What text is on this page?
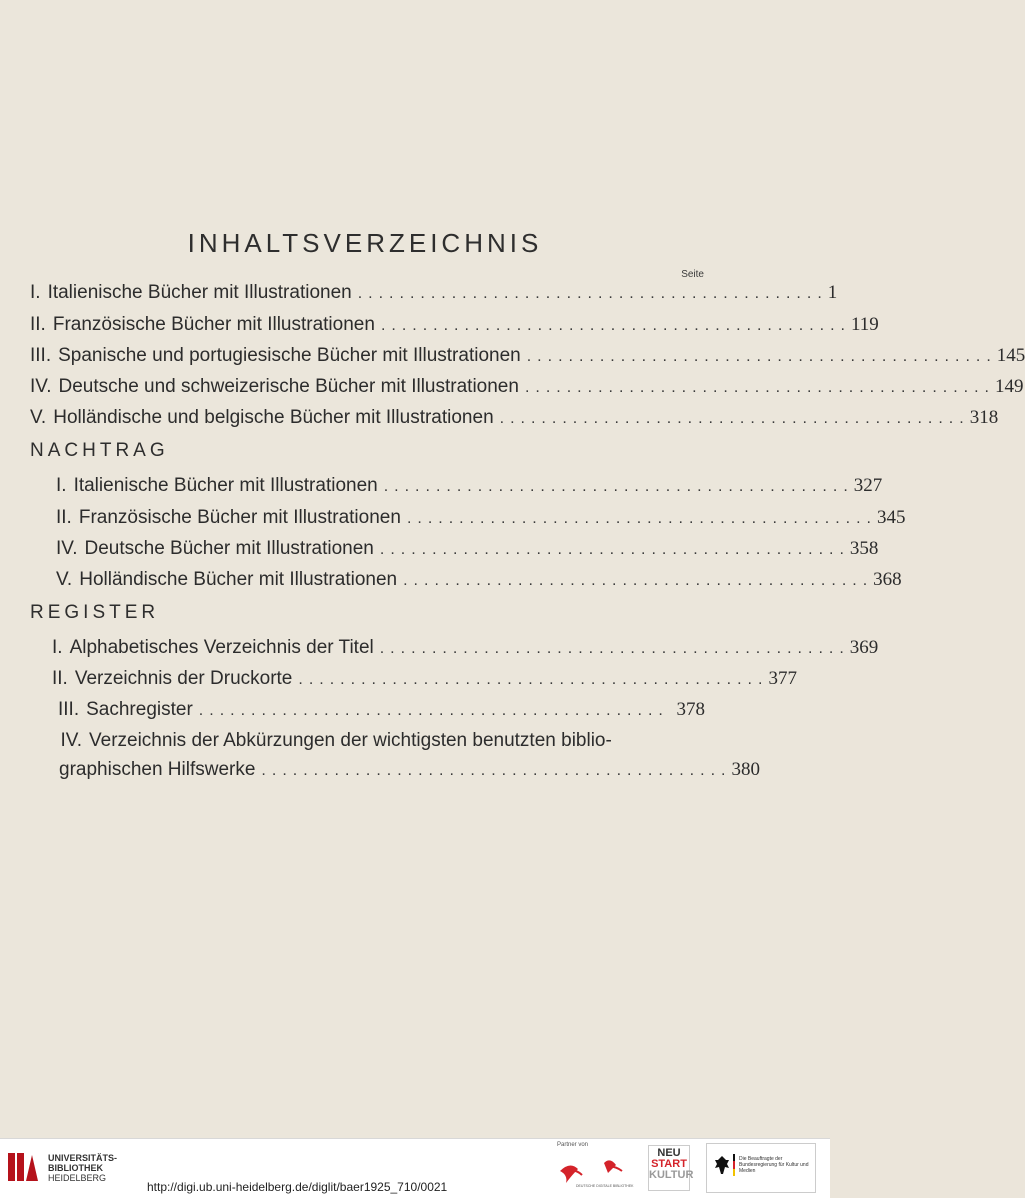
INHALTSVERZEICHNIS
Seite
I. Italienische Bücher mit Illustrationen ............................................. 1
II. Französische Bücher mit Illustrationen ............................................. 119
III. Spanische und portugiesische Bücher mit Illustrationen ............................................. 145
IV. Deutsche und schweizerische Bücher mit Illustrationen ............................................. 149
V. Holländische und belgische Bücher mit Illustrationen ............................................. 318
NACHTRAG
I. Italienische Bücher mit Illustrationen ............................................. 327
II. Französische Bücher mit Illustrationen ............................................. 345
IV. Deutsche Bücher mit Illustrationen ............................................. 358
V. Holländische Bücher mit Illustrationen ............................................. 368
REGISTER
I. Alphabetisches Verzeichnis der Titel ............................................. 369
II. Verzeichnis der Druckorte ............................................. 377
III. Sachregister ............................................. 378
IV. Verzeichnis der Abkürzungen der wichtigsten benutzten biblio-
graphischen Hilfswerke ............................................. 380
UNIVERSITÄTS-
BIBLIOTHEK
HEIDELBERG
http://digi.ub.uni-heidelberg.de/diglit/baer1925_710/0021
Partner von
DEUTSCHE DIGITALE BIBLIOTHEK
NEU
START
KULTUR
Die Beauftragte der Bundesregierung für Kultur und Medien
